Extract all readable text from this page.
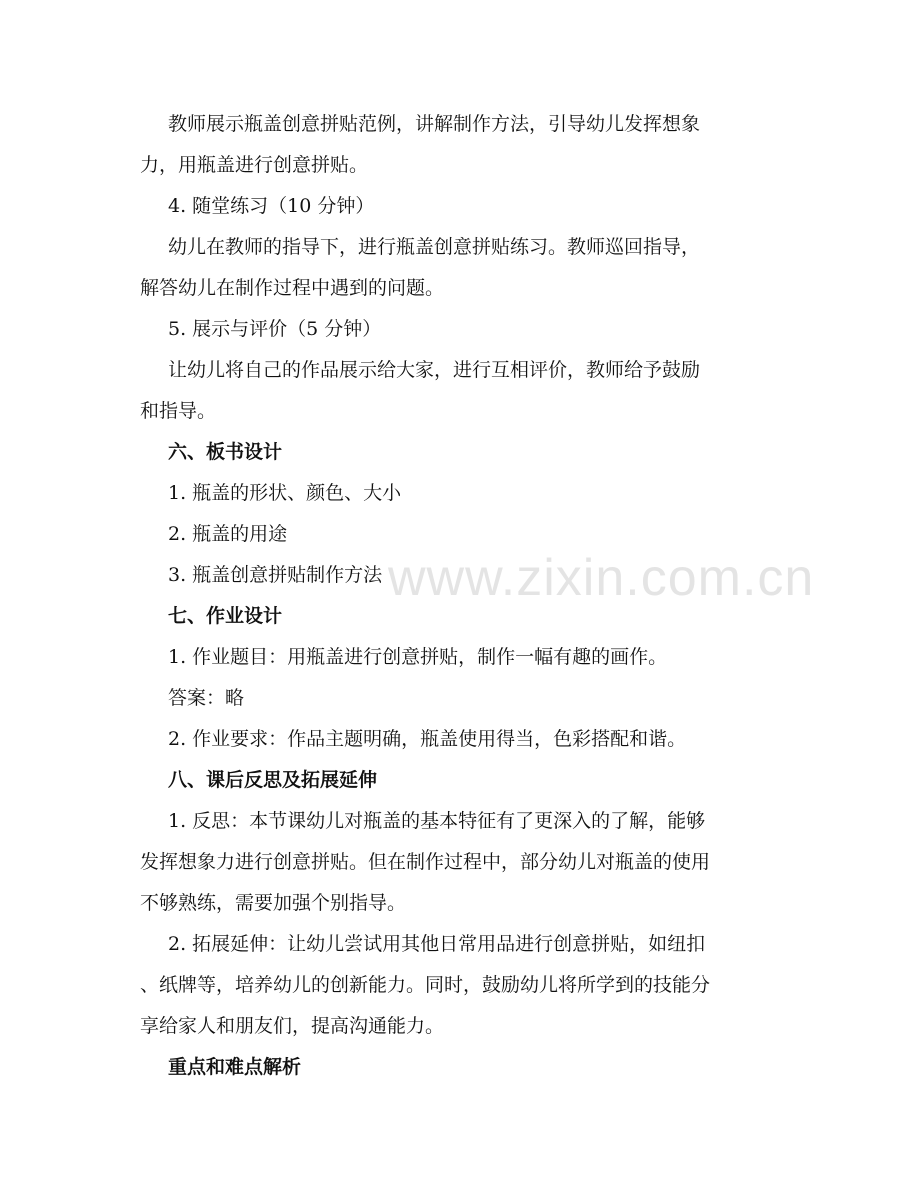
www.zixin.com.cn
教师展示瓶盖创意拼贴范例，讲解制作方法，引导幼儿发挥想象
力，用瓶盖进行创意拼贴。
4. 随堂练习（10 分钟）
幼儿在教师的指导下，进行瓶盖创意拼贴练习。教师巡回指导，
解答幼儿在制作过程中遇到的问题。
5. 展示与评价（5 分钟）
让幼儿将自己的作品展示给大家，进行互相评价，教师给予鼓励
和指导。
六、板书设计
1. 瓶盖的形状、颜色、大小
2. 瓶盖的用途
3. 瓶盖创意拼贴制作方法
七、作业设计
1. 作业题目：用瓶盖进行创意拼贴，制作一幅有趣的画作。
答案：略
2. 作业要求：作品主题明确，瓶盖使用得当，色彩搭配和谐。
八、课后反思及拓展延伸
1. 反思：本节课幼儿对瓶盖的基本特征有了更深入的了解，能够
发挥想象力进行创意拼贴。但在制作过程中，部分幼儿对瓶盖的使用
不够熟练，需要加强个别指导。
2. 拓展延伸：让幼儿尝试用其他日常用品进行创意拼贴，如纽扣
、纸牌等，培养幼儿的创新能力。同时，鼓励幼儿将所学到的技能分
享给家人和朋友们，提高沟通能力。
重点和难点解析
